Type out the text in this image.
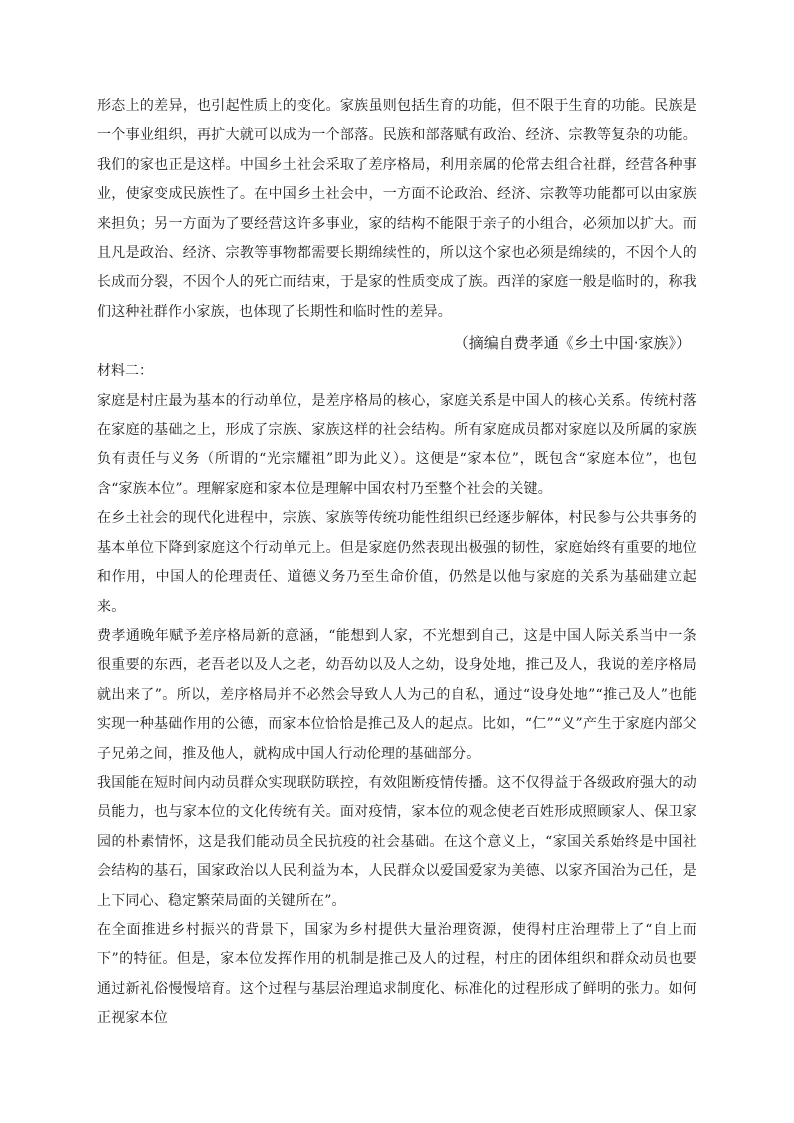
形态上的差异，也引起性质上的变化。家族虽则包括生育的功能，但不限于生育的功能。民族是一个事业组织，再扩大就可以成为一个部落。民族和部落赋有政治、经济、宗教等复杂的功能。我们的家也正是这样。中国乡土社会采取了差序格局，利用亲属的伦常去组合社群，经营各种事业，使家变成民族性了。在中国乡土社会中，一方面不论政治、经济、宗教等功能都可以由家族来担负；另一方面为了要经营这许多事业，家的结构不能限于亲子的小组合，必须加以扩大。而且凡是政治、经济、宗教等事物都需要长期绵续性的，所以这个家也必须是绵续的，不因个人的长成而分裂，不因个人的死亡而结束，于是家的性质变成了族。西洋的家庭一般是临时的，称我们这种社群作小家族，也体现了长期性和临时性的差异。

（摘编自费孝通《乡土中国·家族》）

材料二：

家庭是村庄最为基本的行动单位，是差序格局的核心，家庭关系是中国人的核心关系。传统村落在家庭的基础之上，形成了宗族、家族这样的社会结构。所有家庭成员都对家庭以及所属的家族负有责任与义务（所谓的“光宗耀祖”即为此义）。这便是“家本位”，既包含“家庭本位”，也包含“家族本位”。理解家庭和家本位是理解中国农村乃至整个社会的关键。

在乡土社会的现代化进程中，宗族、家族等传统功能性组织已经逐步解体，村民参与公共事务的基本单位下降到家庭这个行动单元上。但是家庭仍然表现出极强的韧性，家庭始终有重要的地位和作用，中国人的伦理责任、道德义务乃至生命价值，仍然是以他与家庭的关系为基础建立起来。

费孝通晚年赋予差序格局新的意涵，“能想到人家，不光想到自己，这是中国人际关系当中一条很重要的东西，老吾老以及人之老，幼吾幼以及人之幼，设身处地，推己及人，我说的差序格局就出来了”。所以，差序格局并不必然会导致人人为己的自私，通过“设身处地”“推己及人”也能实现一种基础作用的公德，而家本位恰恰是推己及人的起点。比如，“仁”“义”产生于家庭内部父子兄弟之间，推及他人，就构成中国人行动伦理的基础部分。

我国能在短时间内动员群众实现联防联控，有效阻断疫情传播。这不仅得益于各级政府强大的动员能力，也与家本位的文化传统有关。面对疫情，家本位的观念使老百姓形成照顾家人、保卫家园的朴素情怀，这是我们能动员全民抗疫的社会基础。在这个意义上，“家国关系始终是中国社会结构的基石，国家政治以人民利益为本，人民群众以爱国爱家为美德、以家齐国治为己任，是上下同心、稳定繁荣局面的关键所在”。

在全面推进乡村振兴的背景下，国家为乡村提供大量治理资源，使得村庄治理带上了“自上而下”的特征。但是，家本位发挥作用的机制是推己及人的过程，村庄的团体组织和群众动员也要通过新礼俗慢慢培育。这个过程与基层治理追求制度化、标准化的过程形成了鲜明的张力。如何正视家本位
